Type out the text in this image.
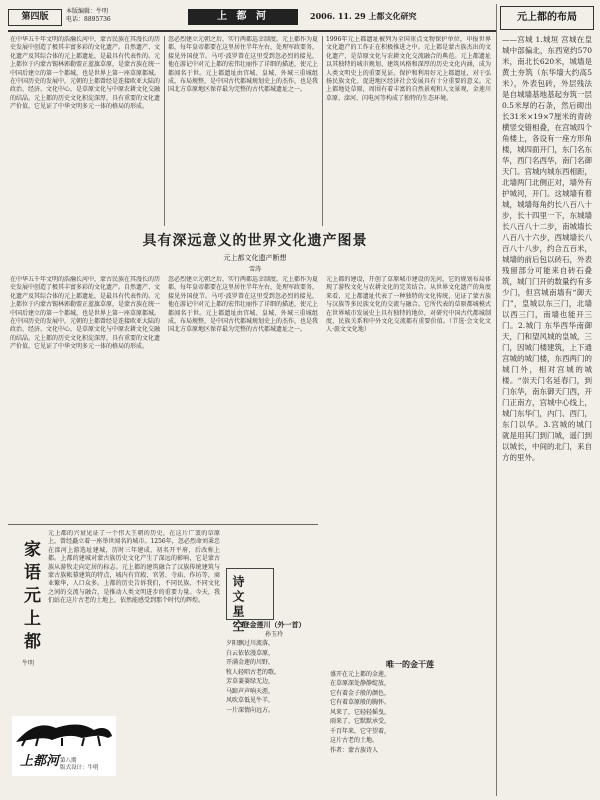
第四版
本版编辑：牛明
电话：8895736	上 都 河	2006. 11. 29 上都文化研究	元上都的布局
在中华五千年文明的浩瀚长河中，蒙古民族在其漫长的历史发展中创造了极其丰富多彩的文化遗产。自然遗产、文化遗产及其综合体的元上都遗址，是最具有代表性的。元上都位于内蒙古锡林郭勒盟正蓝旗草原，是蒙古族在统一中国后建立的第一个都城，也是世界上第一座草原都城。在中国历史的发展中，元朝的上都曾经是连接欧亚大陆的政治、经济、文化中心，是草原文化与中原农耕文化交融的结晶。元上都的历史文化积淀深厚，具有重要的文化遗产价值，它见证了中华文明多元一体的格局的形成。
忽必烈建立元朝之后，实行两都巡幸制度。元上都作为夏都，每年皇帝都要在这里居住半年左右，处理军政要务，接见外国使节。马可·波罗曾在这里受到忽必烈的接见，他在游记中对元上都的宏伟壮丽作了详细的描述，使元上都闻名于世。元上都遗址由宫城、皇城、外城三重城组成，布局规整，是中国古代都城规划史上的杰作，也是我国北方草原地区保存最为完整的古代都城遗址之一。
1996年元上都遗址被列为全国重点文物保护单位，申报世界文化遗产的工作正在积极推进之中。元上都是蒙古族杰出的文化遗产，是草原文化与农耕文化交流融合的典范。元上都遗址以其独特的城市规划、建筑风格和深厚的历史文化内涵，成为人类文明史上的重要见证。保护和利用好元上都遗址，对于弘扬民族文化、促进地区经济社会发展具有十分重要的意义。元上都地处草原，周围有着丰富的自然景观和人文景观，金莲川草原、滦河、闪电河等构成了独特的生态环境。
具有深远意义的世界文化遗产图景
元上都文化遗产断想
雪涛
在中华五千年文明的浩瀚长河中，蒙古民族在其漫长的历史发展中创造了极其丰富多彩的文化遗产。自然遗产、文化遗产及其综合体的元上都遗址，是最具有代表性的。元上都位于内蒙古锡林郭勒盟正蓝旗草原，是蒙古族在统一中国后建立的第一个都城，也是世界上第一座草原都城。在中国历史的发展中，元朝的上都曾经是连接欧亚大陆的政治、经济、文化中心，是草原文化与中原农耕文化交融的结晶。元上都的历史文化积淀深厚，具有重要的文化遗产价值，它见证了中华文明多元一体的格局的形成。
忽必烈建立元朝之后，实行两都巡幸制度。元上都作为夏都，每年皇帝都要在这里居住半年左右，处理军政要务，接见外国使节。马可·波罗曾在这里受到忽必烈的接见，他在游记中对元上都的宏伟壮丽作了详细的描述，使元上都闻名于世。元上都遗址由宫城、皇城、外城三重城组成，布局规整，是中国古代都城规划史上的杰作，也是我国北方草原地区保存最为完整的古代都城遗址之一。
元上都的建设，开创了草原城市建设的先河，它的规划布局体现了游牧文化与农耕文化的完美结合。从世界文化遗产的角度来看，元上都遗址代表了一种独特的文化传统，见证了蒙古族与汉族等多民族文化的交流与融合。它所代表的草原都城模式在世界城市发展史上具有独特的地位，对研究中国古代都城制度、民族关系和中外文化交流都有重要价值。（节选·会文化文人·旅文文化地）
家语元上都
牛明
元上都的兴衰见证了一个伟大王朝的历史，在这片广袤的草原上，曾经矗立着一座举世闻名的城市。1256年，忽必烈命刘秉忠在滦河上游选址建城，历时三年建成，初名开平府，后改称上都。上都的建城对蒙古族历史文化产生了深远的影响，它是蒙古族从游牧走向定居的标志。元上都的建筑融合了汉族传统建筑与蒙古族帐幕建筑的特点，城内有宫殿、官署、寺庙、作坊等，商业繁华，人口众多。上都的历史告诉我们，不同民族、不同文化之间的交流与融合，是推动人类文明进步的重要力量。今天，我们站在这片古老的土地上，依然能感受到那个时代的辉煌。	诗文星空
登金莲川（外一首）
孙玉玲
夕阳飘过川流落，
白云依依漫草原，
开满金莲的川野，
牧人轻唱古老的歌。
芳草萋萋绿无边，
马蹄声声响天涯，
风吹草低见牛羊，
一片深情向远方。
唯一的金干莲
盛开在元上都的金莲，
在草原深处静静绽放，
它有着金子般的颜色，
它有着草原般的胸怀。
风来了，它轻轻摇曳，
雨来了，它默默承受，
千百年来，它守望着，
这片古老的土地。
作者：蒙古族诗人
上都河 第八期
版式设计：牛明
——宫城 1.城垣 宫城在皇城中部偏北，东西宽约570米，南北长620米，城墙是黄土夯筑（东华墙大约高5米），外表包砖，外层残法是自城墙基地基起夯筑一层0.5米厚的石条，然后砌出长31米×19×7厘米的青砖横竖交错相叠，在宫城四个角楼上，各设有一座方形角楼，城四面开门，东门名东华，西门名西华，南门名御天门。宫城内城东西相距，北墙两门北侧正对，墙外有护城河，开门。这城墙有着城，城墙每角约长八百八十步，长十四里一下，东城墙长八百八十二步，南城墙长八百八十六步，西城墙长八百八十八步，约合五百米，城墙的前后包以砖石，外表残留部分可能来自砖石叠筑，城门门开的数量约有多少门，但宫城南墙有“御天门”，皇城以东三门，北墙以西三门，南墙也能开三门。2.城门 东华西华南御天，门和望风城的皇城，三门，因城门楼建筑，上下通宫城的城门楼，东西两门的城门外，相对宫城的城楼。“崇天门名延春门，到门东华，南东御天门西，开门正南方，宫城中心线上，城门东华门，内门、西门，东门以华。3.宫城的城门 就是用其门到门城，遥门到以城长，中间的北门，来自方的里外。
